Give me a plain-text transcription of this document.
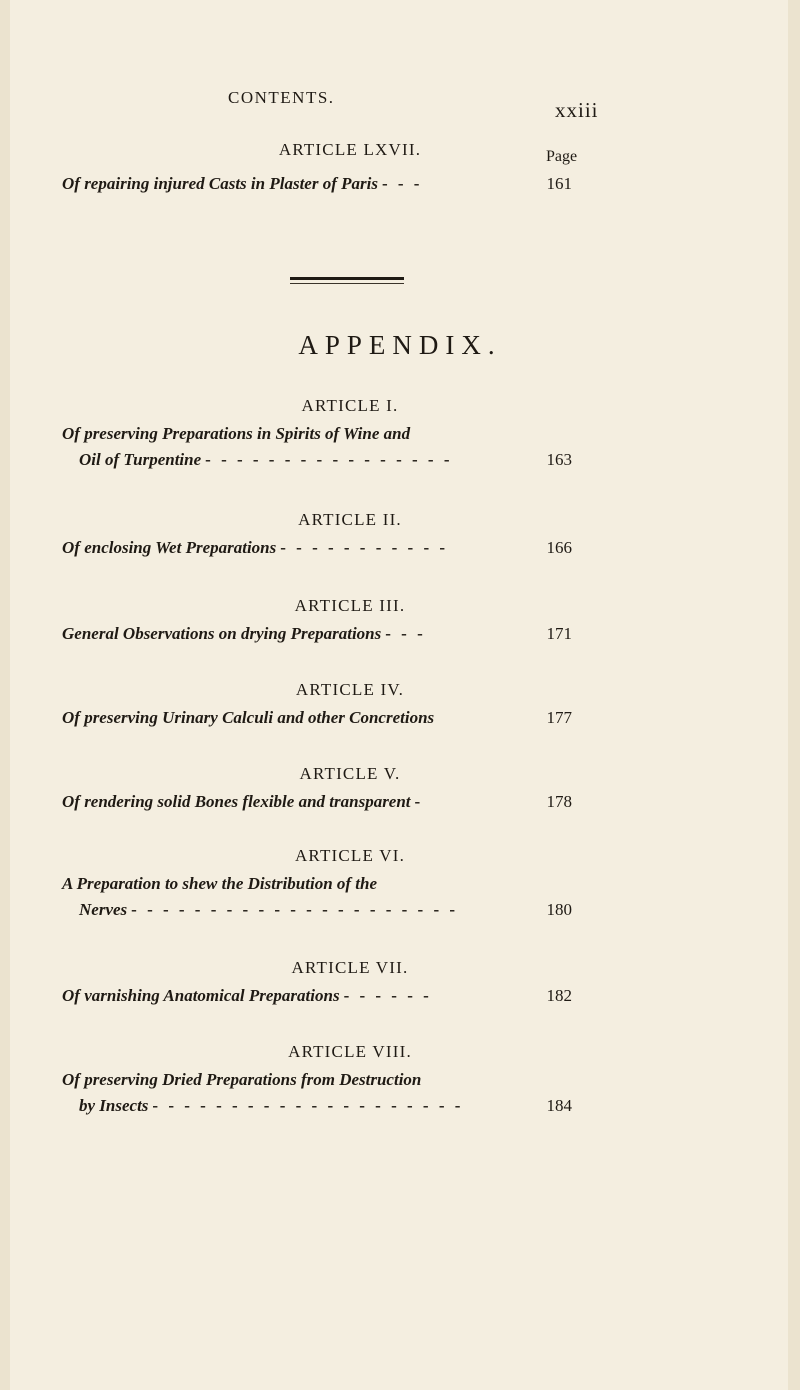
CONTENTS.
xxiii
ARTICLE LXVII.	Page
Of repairing injured Casts in Plaster of Paris - - -	161
APPENDIX.
ARTICLE I.
Of preserving Preparations in Spirits of Wine and
Oil of Turpentine - - - - - - - - - - - - - - - -	163
ARTICLE II.
Of enclosing Wet Preparations - - - - - - - - - - -	166
ARTICLE III.
General Observations on drying Preparations - - -	171
ARTICLE IV.
Of preserving Urinary Calculi and other Concretions	177
ARTICLE V.
Of rendering solid Bones flexible and transparent -	178
ARTICLE VI.
A Preparation to shew the Distribution of the
Nerves - - - - - - - - - - - - - - - - - - - - -	180
ARTICLE VII.
Of varnishing Anatomical Preparations - - - - - -	182
ARTICLE VIII.
Of preserving Dried Preparations from Destruction
by Insects - - - - - - - - - - - - - - - - - - - -	184
